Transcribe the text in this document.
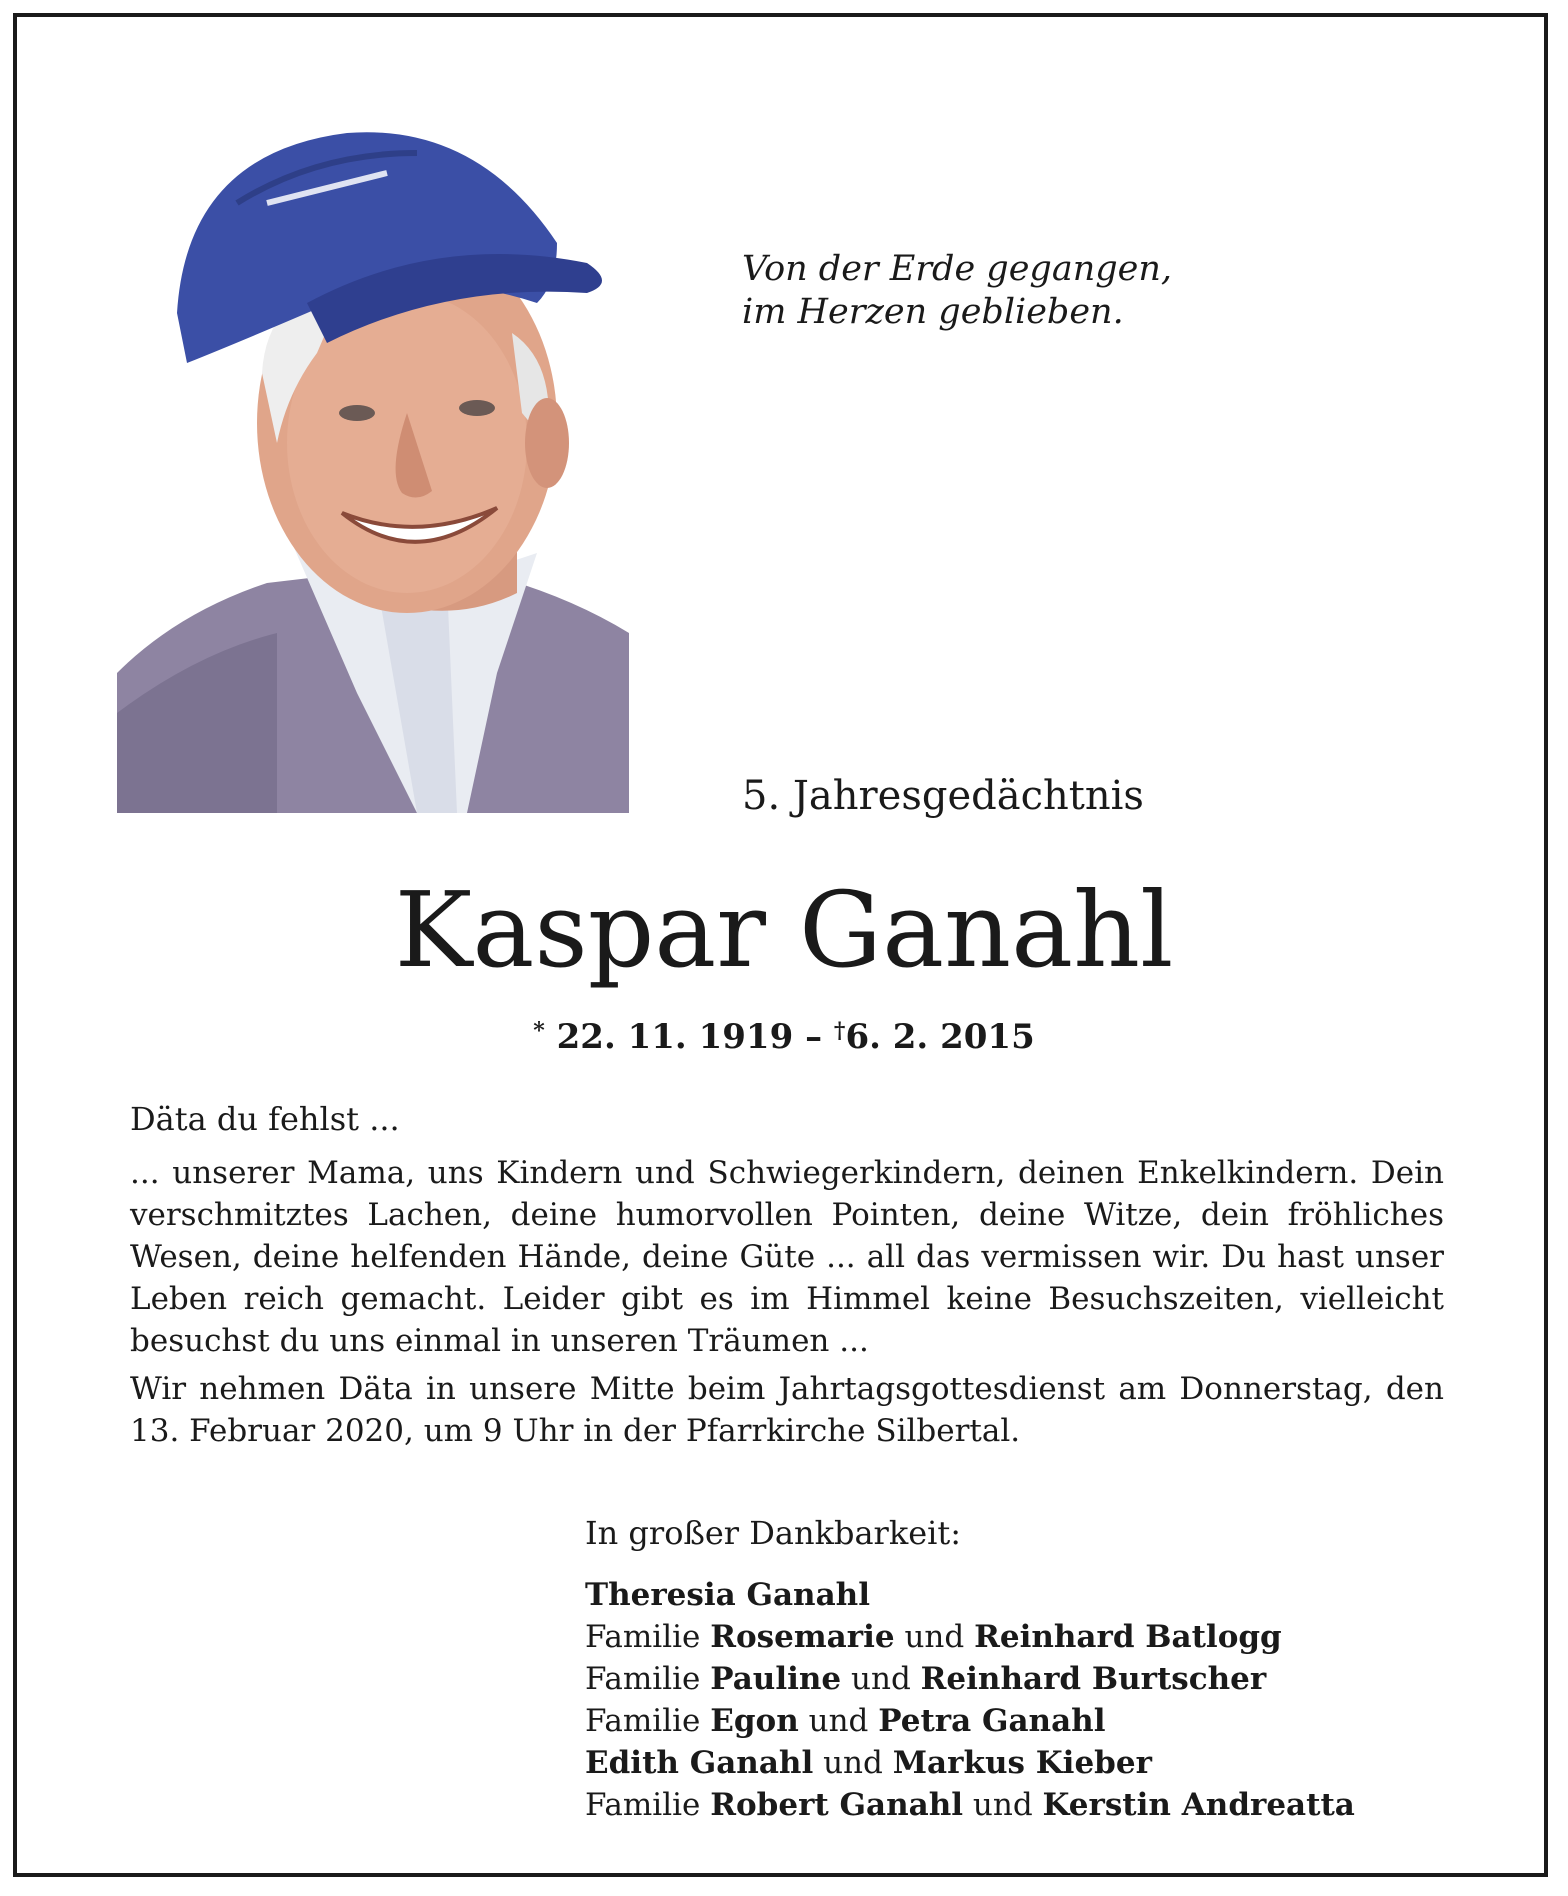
Von der Erde gegangen,
im Herzen geblieben.
5. Jahresgedächtnis
Kaspar Ganahl
* 22. 11. 1919 – †6. 2. 2015
Däta du fehlst ...

... unserer Mama, uns Kindern und Schwiegerkindern, deinen Enkelkindern. Dein verschmitztes Lachen, deine humorvollen Pointen, deine Witze, dein fröhliches Wesen, deine helfenden Hände, deine Güte ... all das vermissen wir. Du hast unser Leben reich gemacht. Leider gibt es im Himmel keine Besuchszeiten, vielleicht besuchst du uns einmal in unseren Träumen ...

Wir nehmen Däta in unsere Mitte beim Jahrtagsgottesdienst am Donnerstag, den 13. Februar 2020, um 9 Uhr in der Pfarrkirche Silbertal.

In großer Dankbarkeit:
Theresia Ganahl
Familie Rosemarie und Reinhard Batlogg
Familie Pauline und Reinhard Burtscher
Familie Egon und Petra Ganahl
Edith Ganahl und Markus Kieber
Familie Robert Ganahl und Kerstin Andreatta
